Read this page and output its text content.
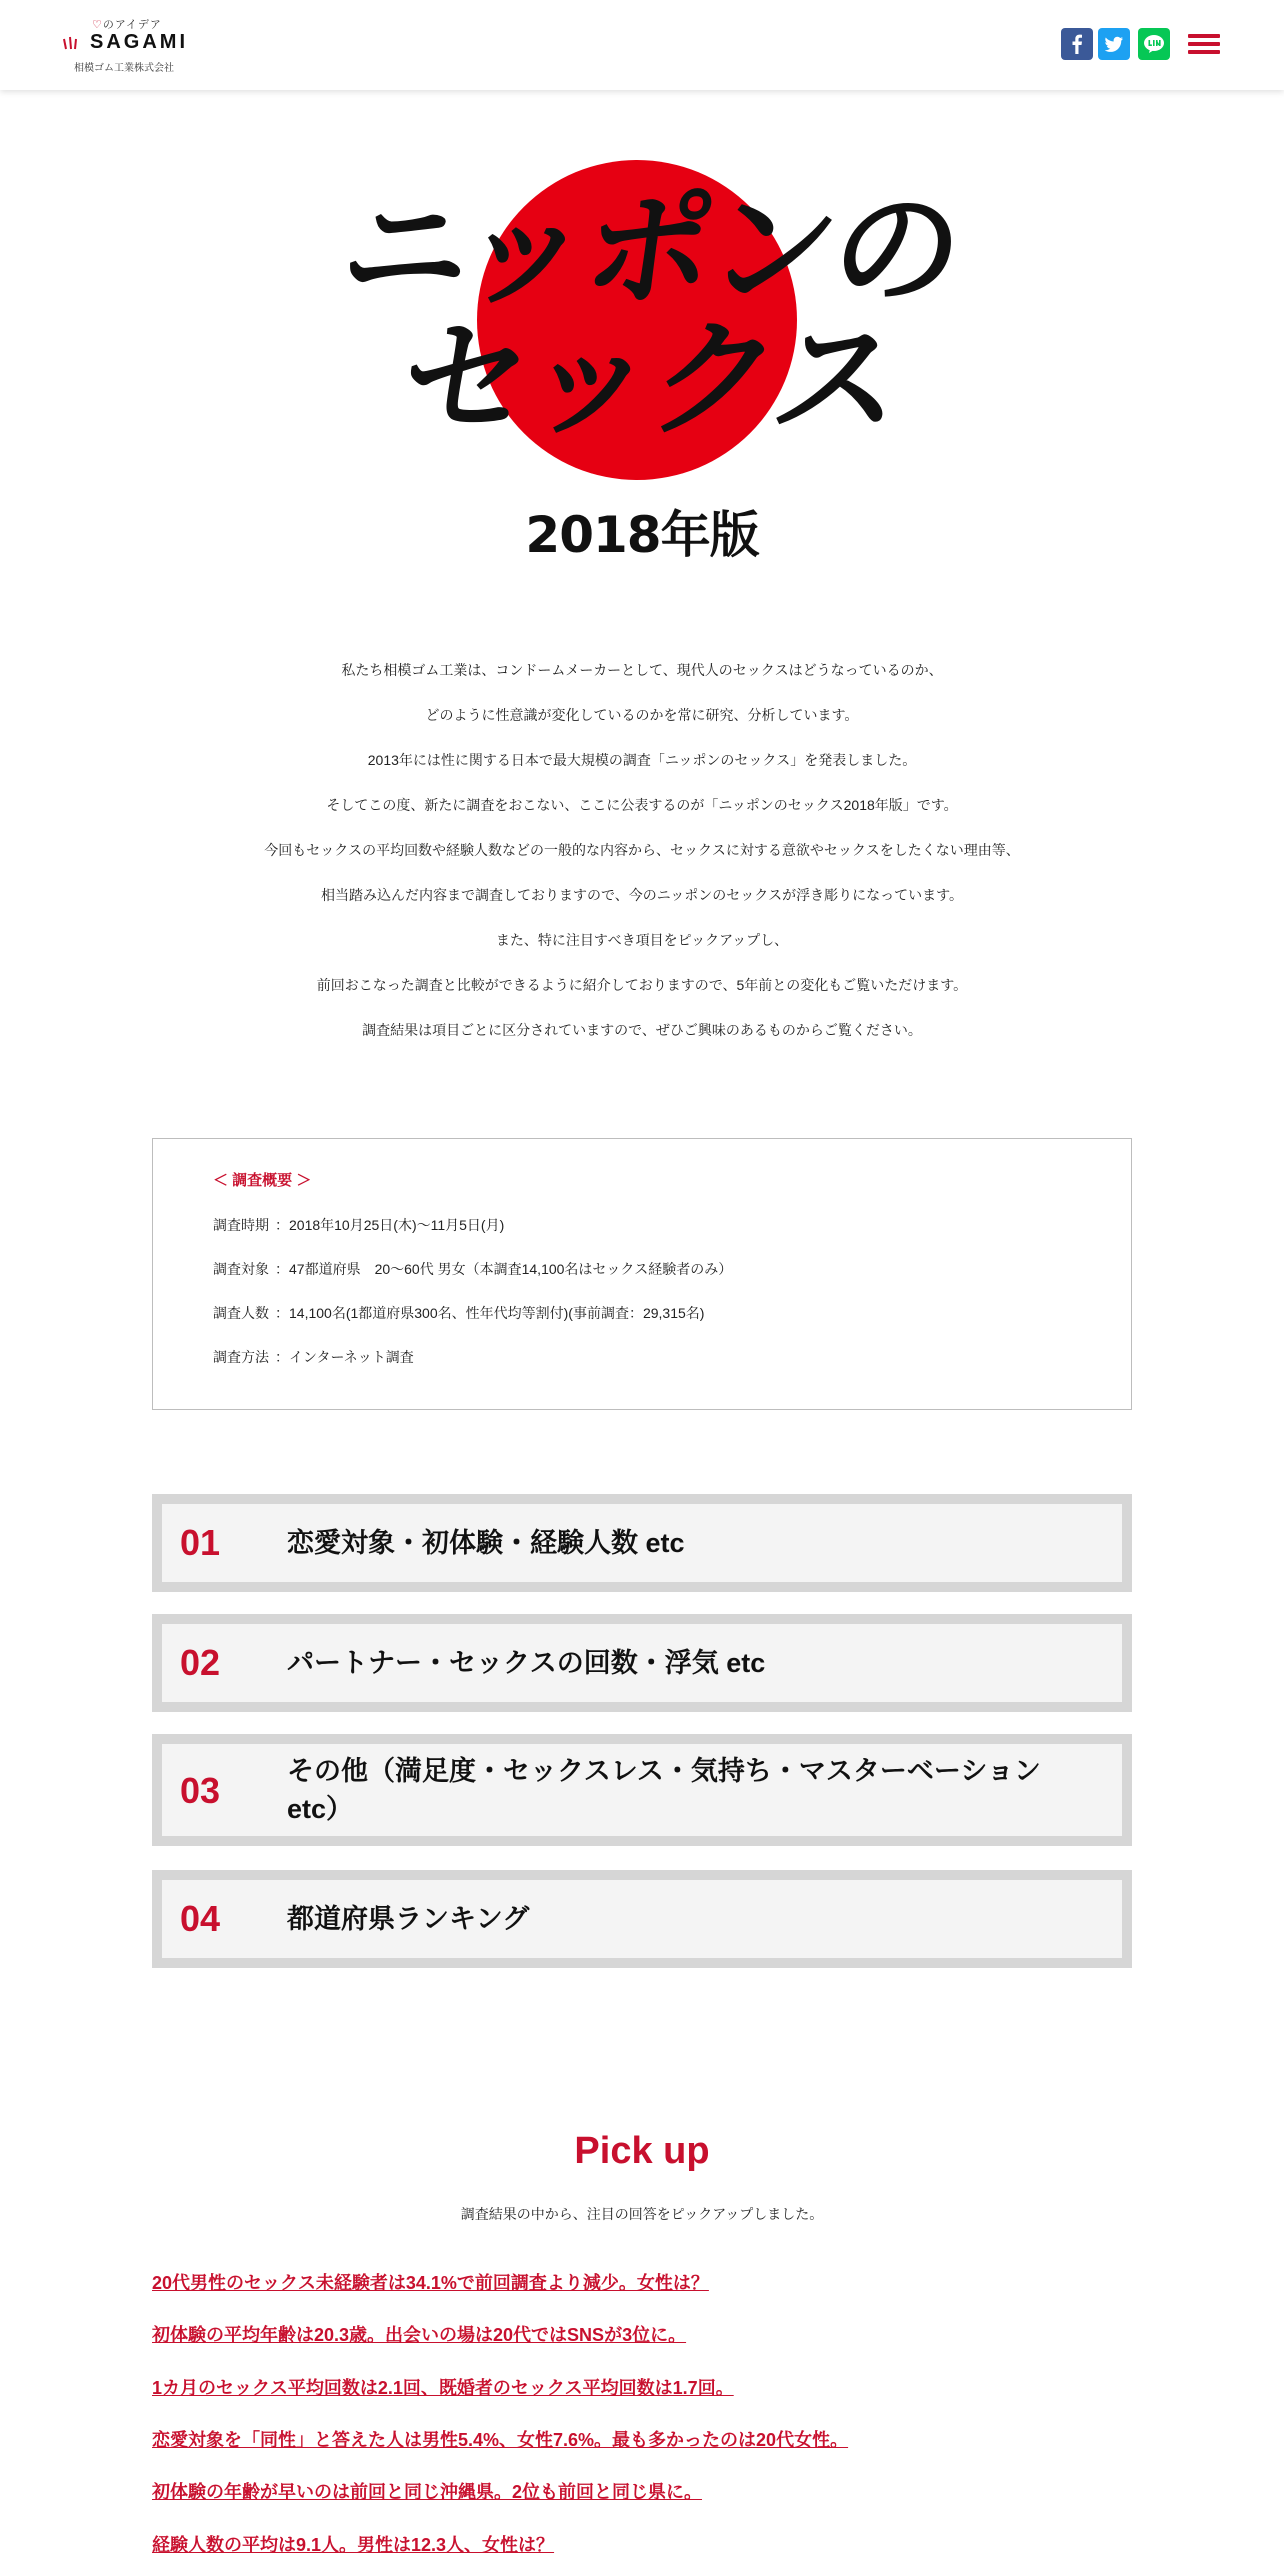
♡のアイデア
SAGAMI
相模ゴム工業株式会社
ニッポンの
セックス
2018年版

私たち相模ゴム工業は、コンドームメーカーとして、現代人のセックスはどうなっているのか、

どのように性意識が変化しているのかを常に研究、分析しています。

2013年には性に関する日本で最大規模の調査「ニッポンのセックス」を発表しました。

そしてこの度、新たに調査をおこない、ここに公表するのが「ニッポンのセックス2018年版」です。

今回もセックスの平均回数や経験人数などの一般的な内容から、セックスに対する意欲やセックスをしたくない理由等、

相当踏み込んだ内容まで調査しておりますので、今のニッポンのセックスが浮き彫りになっています。

また、特に注目すべき項目をピックアップし、

前回おこなった調査と比較ができるように紹介しておりますので、5年前との変化もご覧いただけます。

調査結果は項目ごとに区分されていますので、ぜひご興味のあるものからご覧ください。

＜ 調査概要 ＞
調査時期 ：2018年10月25日(木)〜11月5日(月)
調査対象 ：47都道府県　20〜60代 男女（本調査14,100名はセックス経験者のみ）
調査人数 ：14,100名(1都道府県300名、性年代均等割付)(事前調査：29,315名)
調査方法 ：インターネット調査
01 恋愛対象・初体験・経験人数 etc
02 パートナー・セックスの回数・浮気 etc
03 その他（満足度・セックスレス・気持ち・マスターベーション etc）
04 都道府県ランキング
Pick up
調査結果の中から、注目の回答をピックアップしました。
20代男性のセックス未経験者は34.1%で前回調査より減少。女性は？
初体験の平均年齢は20.3歳。出会いの場は20代ではSNSが3位に。
1カ月のセックス平均回数は2.1回、既婚者のセックス平均回数は1.7回。
恋愛対象を「同性」と答えた人は男性5.4%、女性7.6%。最も多かったのは20代女性。
初体験の年齢が早いのは前回と同じ沖縄県。2位も前回と同じ県に。
経験人数の平均は9.1人。男性は12.3人、女性は？
